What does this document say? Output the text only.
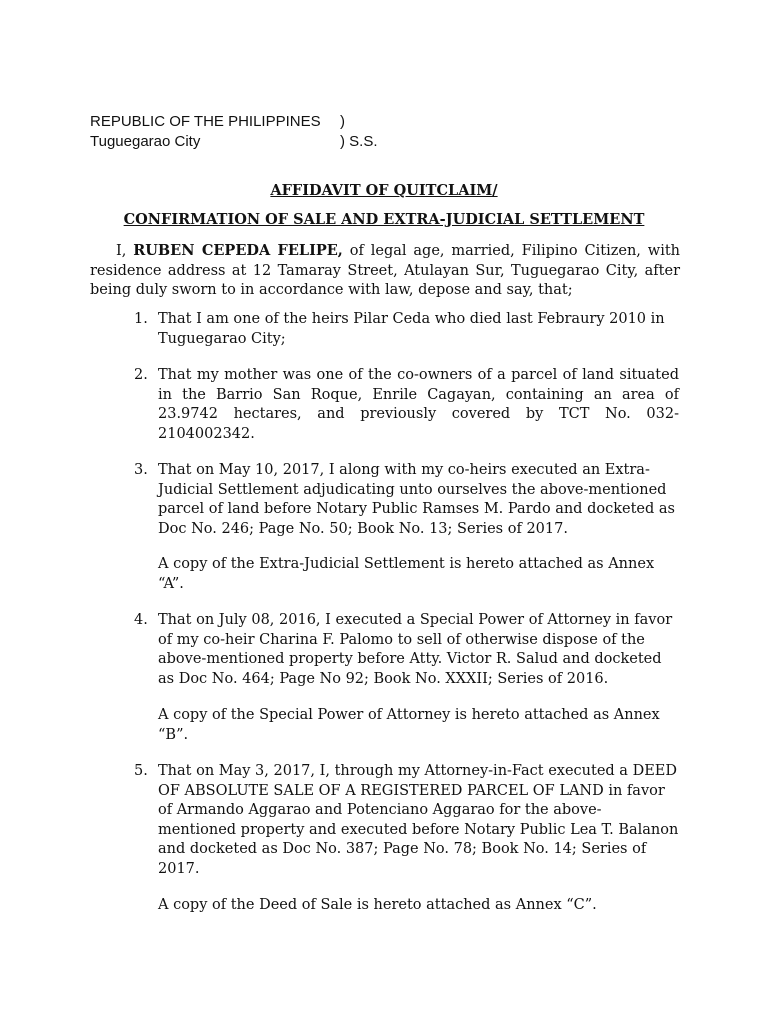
REPUBLIC OF THE PHILIPPINES )
Tuguegarao City	) S.S.
AFFIDAVIT OF QUITCLAIM/
CONFIRMATION OF SALE AND EXTRA-JUDICIAL SETTLEMENT
I, RUBEN CEPEDA FELIPE, of legal age, married, Filipino Citizen, with residence address at 12 Tamaray Street, Atulayan Sur, Tuguegarao City, after being duly sworn to in accordance with law, depose and say, that;
1. That I am one of the heirs Pilar Ceda who died last Febraury 2010 in Tuguegarao City;
2. That my mother was one of the co-owners of a parcel of land situated in the Barrio San Roque, Enrile Cagayan, containing an area of 23.9742 hectares, and previously covered by TCT No. 032-2104002342.
3. That on May 10, 2017, I along with my co-heirs executed an Extra-Judicial Settlement adjudicating unto ourselves the above-mentioned parcel of land before Notary Public Ramses M. Pardo and docketed as Doc No. 246; Page No. 50; Book No. 13; Series of 2017.
A copy of the Extra-Judicial Settlement is hereto attached as Annex “A”.
4. That on July 08, 2016, I executed a Special Power of Attorney in favor of my co-heir Charina F. Palomo to sell of otherwise dispose of the above-mentioned property before Atty. Victor R. Salud and docketed as Doc No. 464; Page No 92; Book No. XXXII; Series of 2016.
A copy of the Special Power of Attorney is hereto attached as Annex “B”.
5. That on May 3, 2017, I, through my Attorney-in-Fact executed a DEED OF ABSOLUTE SALE OF A REGISTERED PARCEL OF LAND in favor of Armando Aggarao and Potenciano Aggarao for the above-mentioned property and executed before Notary Public Lea T. Balanon and docketed as Doc No. 387; Page No. 78; Book No. 14; Series of 2017.
A copy of the Deed of Sale is hereto attached as Annex “C”.
